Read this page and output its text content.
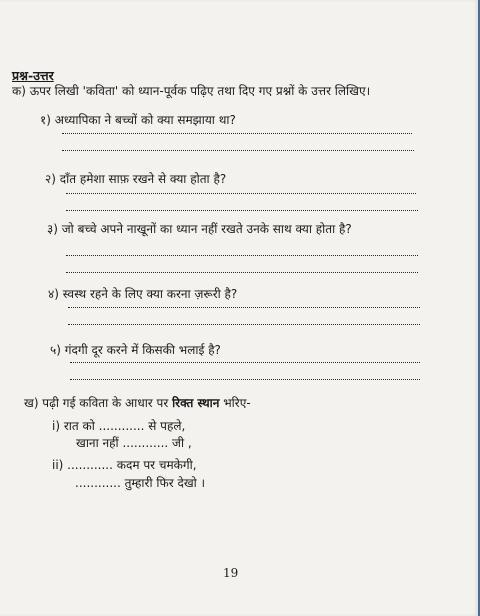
प्रश्न-उत्तर
क) ऊपर लिखी 'कविता' को ध्यान-पूर्वक पढ़िए तथा दिए गए प्रश्नों के उत्तर लिखिए।
१) अध्यापिका ने बच्चों को क्या समझाया था?
२) दाँत हमेशा साफ़ रखने से क्या होता है?
३) जो बच्चे अपने नाखूनों का ध्यान नहीं रखते उनके साथ क्या होता है?
४) स्वस्थ रहने के लिए क्या करना ज़रूरी है?
५) गंदगी दूर करने में किसकी भलाई है?
ख) पढ़ी गई कविता के आधार पर रिक्त स्थान भरिए-
i) रात को ............ से पहले,
खाना नहीं ............ जी ,
ii) ............ कदम पर चमकेगी,
............ तुम्हारी फिर देखो ।
19
